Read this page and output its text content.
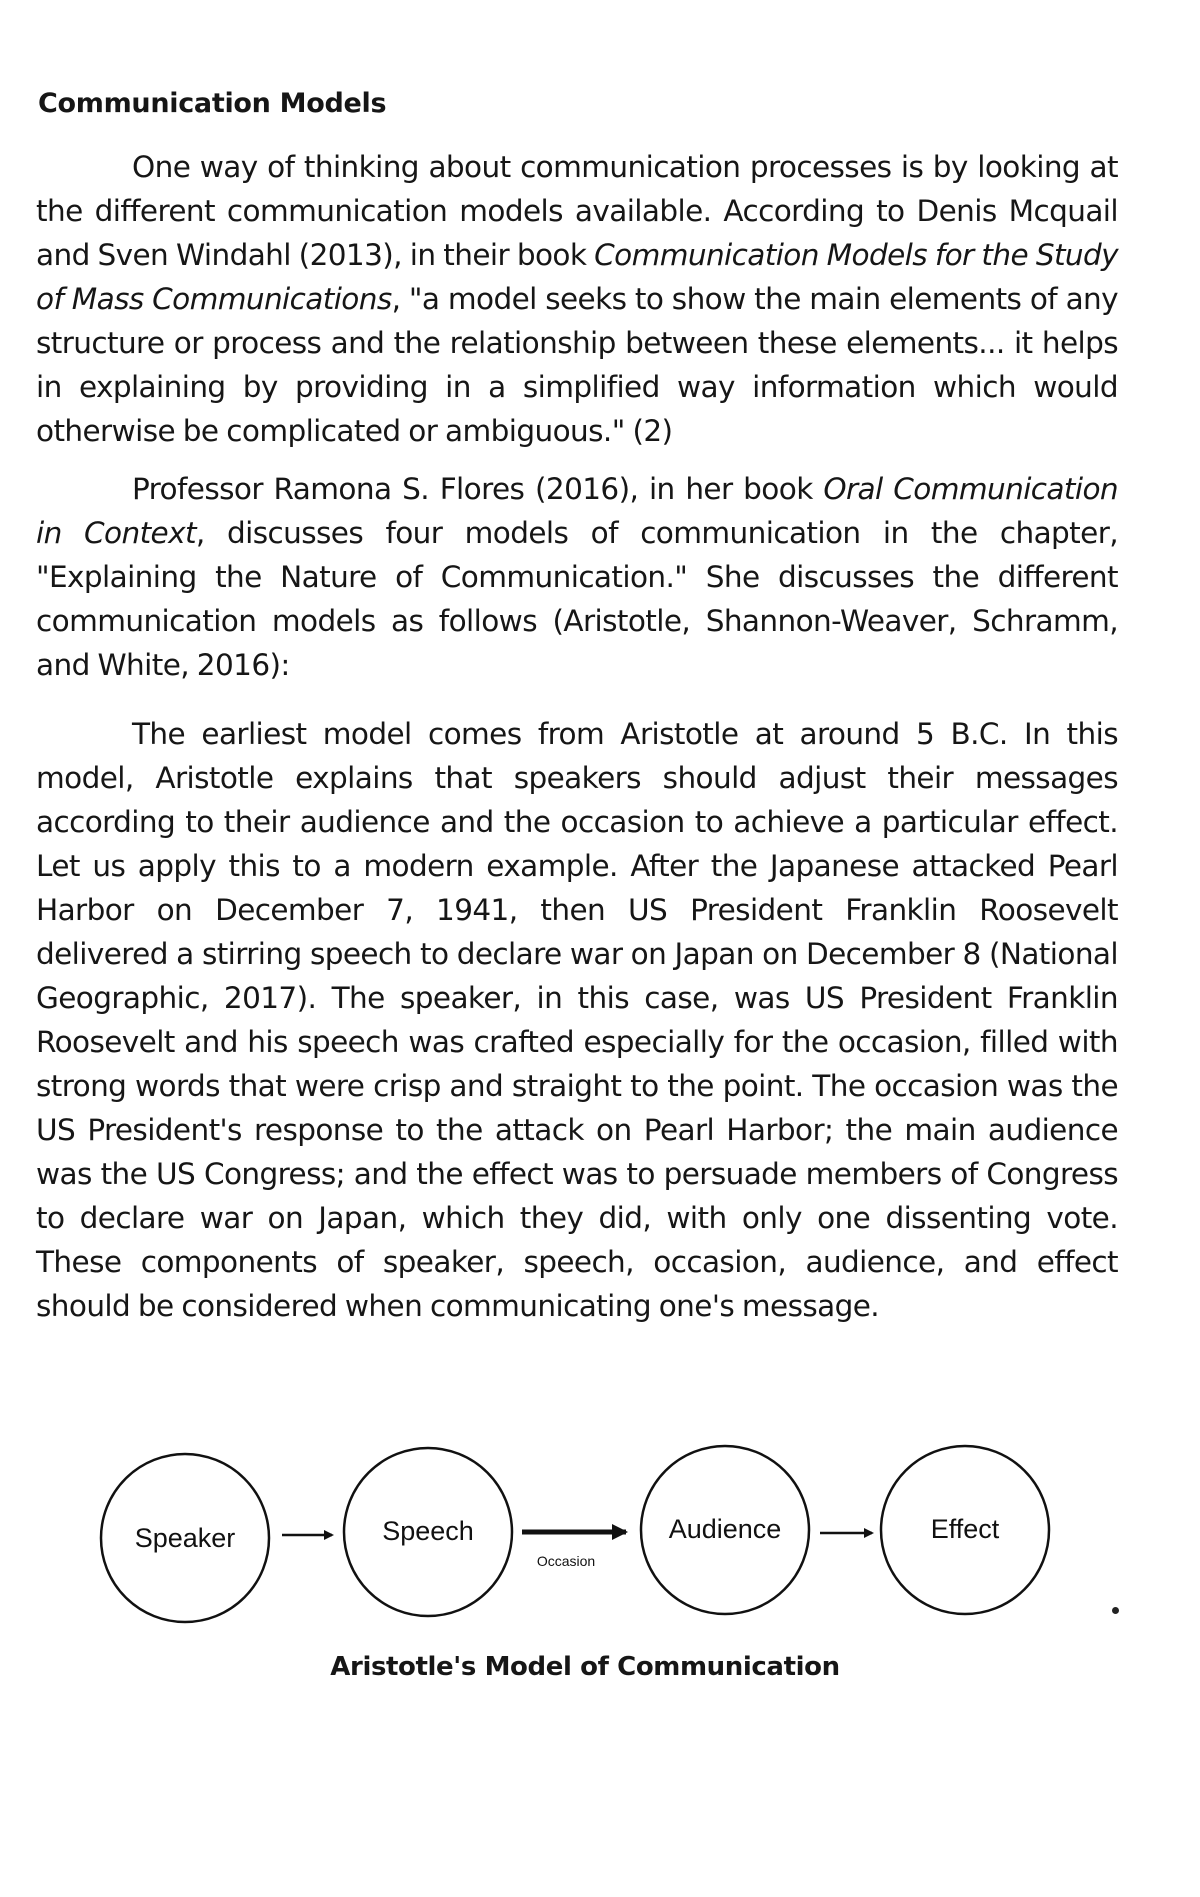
Communication Models

One way of thinking about communication processes is by looking at the different communication models available. According to Denis Mcquail and Sven Windahl (2013), in their book Communication Models for the Study of Mass Communications, "a model seeks to show the main elements of any structure or process and the relationship between these elements... it helps in explaining by providing in a simplified way information which would otherwise be complicated or ambiguous." (2)

Professor Ramona S. Flores (2016), in her book Oral Communication in Context, discusses four models of communication in the chapter, "Explaining the Nature of Communication." She discusses the different communication models as follows (Aristotle, Shannon-Weaver, Schramm, and White, 2016):

The earliest model comes from Aristotle at around 5 B.C. In this model, Aristotle explains that speakers should adjust their messages according to their audience and the occasion to achieve a particular effect. Let us apply this to a modern example. After the Japanese attacked Pearl Harbor on December 7, 1941, then US President Franklin Roosevelt delivered a stirring speech to declare war on Japan on December 8 (National Geographic, 2017). The speaker, in this case, was US President Franklin Roosevelt and his speech was crafted especially for the occasion, filled with strong words that were crisp and straight to the point. The occasion was the US President's response to the attack on Pearl Harbor; the main audience was the US Congress; and the effect was to persuade members of Congress to declare war on Japan, which they did, with only one dissenting vote. These components of speaker, speech, occasion, audience, and effect should be considered when communicating one's message.

Speaker	Speech
Occasion
Audience	Effect
Aristotle's Model of Communication
